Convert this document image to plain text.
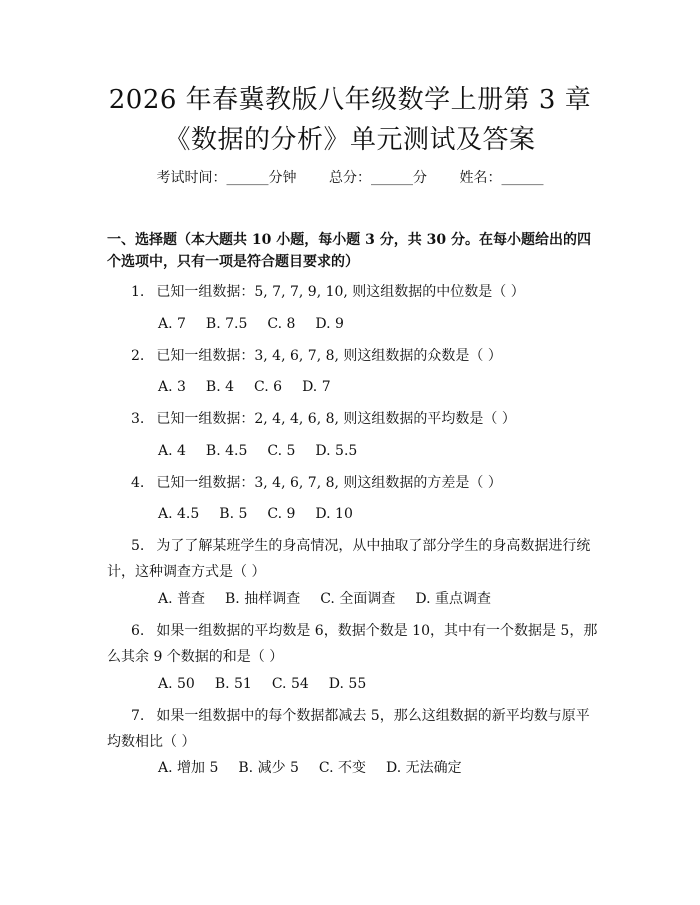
2026 年春冀教版八年级数学上册第 3 章《数据的分析》单元测试及答案
考试时间：______分钟 总分：______分 姓名：______

一、选择题（本大题共 10 小题，每小题 3 分，共 30 分。在每小题给出的四个选项中，只有一项是符合题目要求的）

1. 已知一组数据：5, 7, 7, 9, 10, 则这组数据的中位数是（ ）
A. 7 B. 7.5 C. 8 D. 9
2. 已知一组数据：3, 4, 6, 7, 8, 则这组数据的众数是（ ）
A. 3 B. 4 C. 6 D. 7
3. 已知一组数据：2, 4, 4, 6, 8, 则这组数据的平均数是（ ）
A. 4 B. 4.5 C. 5 D. 5.5
4. 已知一组数据：3, 4, 6, 7, 8, 则这组数据的方差是（ ）
A. 4.5 B. 5 C. 9 D. 10
5. 为了了解某班学生的身高情况，从中抽取了部分学生的身高数据进行统计，这种调查方式是（ ）
A. 普查 B. 抽样调查 C. 全面调查 D. 重点调查
6. 如果一组数据的平均数是 6，数据个数是 10，其中有一个数据是 5，那么其余 9 个数据的和是（ ）
A. 50 B. 51 C. 54 D. 55
7. 如果一组数据中的每个数据都减去 5，那么这组数据的新平均数与原平均数相比（ ）
A. 增加 5 B. 减少 5 C. 不变 D. 无法确定
